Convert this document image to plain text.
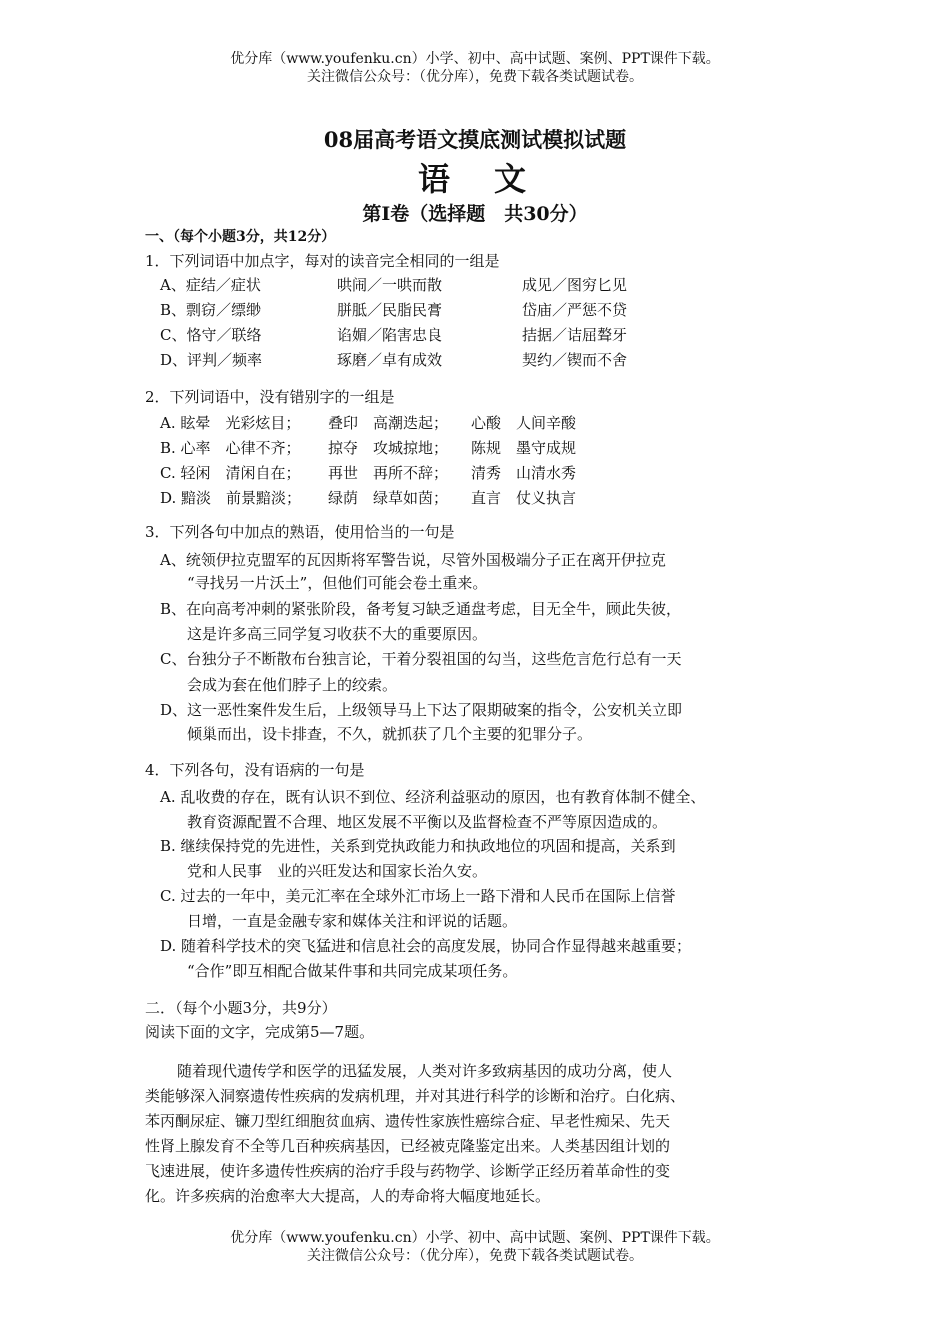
优分库（www.youfenku.cn）小学、初中、高中试题、案例、PPT课件下载。
关注微信公众号：（优分库），免费下载各类试题试卷。
08届高考语文摸底测试模拟试题
语　文
第Ⅰ卷（选择题　共30分）
一、（每个小题3分，共12分）
1．下列词语中加点字，每对的读音完全相同的一组是
A、症结／症状	哄闹／一哄而散	成见／图穷匕见
B、剽窃／缥缈	胼胝／民脂民膏	岱庙／严惩不贷
C、恪守／联络	谄媚／陷害忠良	拮据／诘屈聱牙
D、评判／频率	琢磨／卓有成效	契约／锲而不舍
2．下列词语中，没有错别字的一组是
A. 眩晕　光彩炫目； 叠印　高潮迭起； 心酸　人间辛酸
B. 心率　心律不齐； 掠夺　攻城掠地； 陈规　墨守成规
C. 轻闲　清闲自在； 再世　再所不辞； 清秀　山清水秀
D. 黯淡　前景黯淡； 绿荫　绿草如茵； 直言　仗义执言
3．下列各句中加点的熟语，使用恰当的一句是
A、统领伊拉克盟军的瓦因斯将军警告说，尽管外国极端分子正在离开伊拉克
“寻找另一片沃土”，但他们可能会卷土重来。
B、在向高考冲刺的紧张阶段，备考复习缺乏通盘考虑，目无全牛，顾此失彼，
这是许多高三同学复习收获不大的重要原因。
C、台独分子不断散布台独言论，干着分裂祖国的勾当，这些危言危行总有一天
会成为套在他们脖子上的绞索。
D、这一恶性案件发生后，上级领导马上下达了限期破案的指令，公安机关立即
倾巢而出，设卡排查，不久，就抓获了几个主要的犯罪分子。
4．下列各句，没有语病的一句是
A. 乱收费的存在，既有认识不到位、经济利益驱动的原因，也有教育体制不健全、
教育资源配置不合理、地区发展不平衡以及监督检查不严等原因造成的。
B. 继续保持党的先进性，关系到党执政能力和执政地位的巩固和提高，关系到
党和人民事　业的兴旺发达和国家长治久安。
C. 过去的一年中，美元汇率在全球外汇市场上一路下滑和人民币在国际上信誉
日增，一直是金融专家和媒体关注和评说的话题。
D. 随着科学技术的突飞猛进和信息社会的高度发展，协同合作显得越来越重要；
“合作”即互相配合做某件事和共同完成某项任务。
二．（每个小题3分，共9分）
阅读下面的文字，完成第5—7题。
随着现代遗传学和医学的迅猛发展，人类对许多致病基因的成功分离，使人
类能够深入洞察遗传性疾病的发病机理，并对其进行科学的诊断和治疗。白化病、
苯丙酮尿症、镰刀型红细胞贫血病、遗传性家族性癌综合症、早老性痴呆、先天
性肾上腺发育不全等几百种疾病基因，已经被克隆鉴定出来。人类基因组计划的
飞速进展，使许多遗传性疾病的治疗手段与药物学、诊断学正经历着革命性的变
化。许多疾病的治愈率大大提高，人的寿命将大幅度地延长。
优分库（www.youfenku.cn）小学、初中、高中试题、案例、PPT课件下载。
关注微信公众号：（优分库），免费下载各类试题试卷。
